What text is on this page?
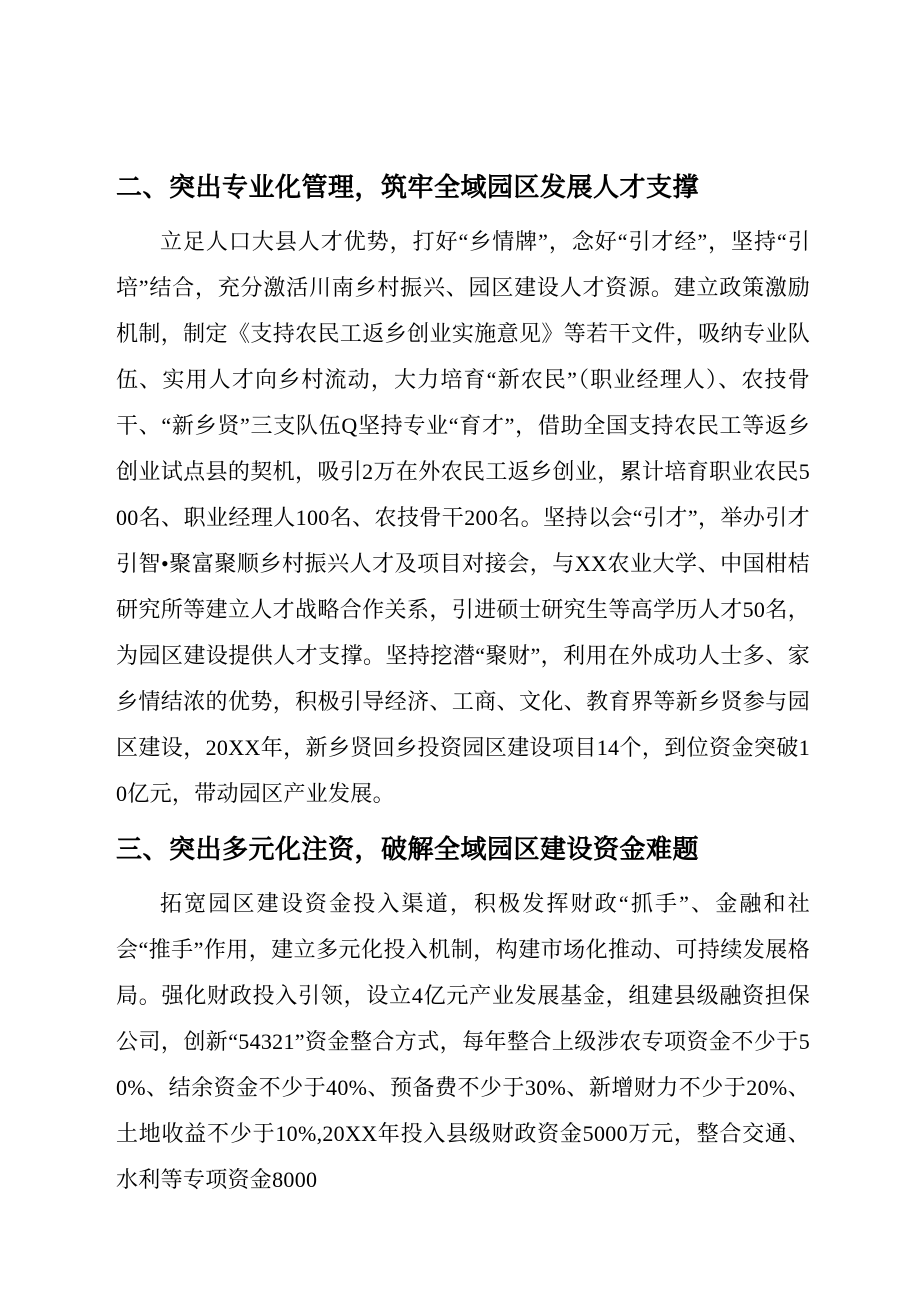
二、突出专业化管理，筑牢全域园区发展人才支撑

立足人口大县人才优势，打好“乡情牌”，念好“引才经”，坚持“引培”结合，充分激活川南乡村振兴、园区建设人才资源。建立政策激励机制，制定《支持农民工返乡创业实施意见》等若干文件，吸纳专业队伍、实用人才向乡村流动，大力培育“新农民”（职业经理人）、农技骨干、“新乡贤”三支队伍Q坚持专业“育才”，借助全国支持农民工等返乡创业试点县的契机，吸引2万在外农民工返乡创业，累计培育职业农民500名、职业经理人100名、农技骨干200名。坚持以会“引才”，举办引才引智•聚富聚顺乡村振兴人才及项目对接会，与XX农业大学、中国柑桔研究所等建立人才战略合作关系，引进硕士研究生等高学历人才50名，为园区建设提供人才支撑。坚持挖潜“聚财”，利用在外成功人士多、家乡情结浓的优势，积极引导经济、工商、文化、教育界等新乡贤参与园区建设，20XX年，新乡贤回乡投资园区建设项目14个，到位资金突破10亿元，带动园区产业发展。

三、突出多元化注资，破解全域园区建设资金难题

拓宽园区建设资金投入渠道，积极发挥财政“抓手”、金融和社会“推手”作用，建立多元化投入机制，构建市场化推动、可持续发展格局。强化财政投入引领，设立4亿元产业发展基金，组建县级融资担保公司，创新“54321”资金整合方式，每年整合上级涉农专项资金不少于50%、结余资金不少于40%、预备费不少于30%、新增财力不少于20%、土地收益不少于10%,20XX年投入县级财政资金5000万元，整合交通、水利等专项资金8000
